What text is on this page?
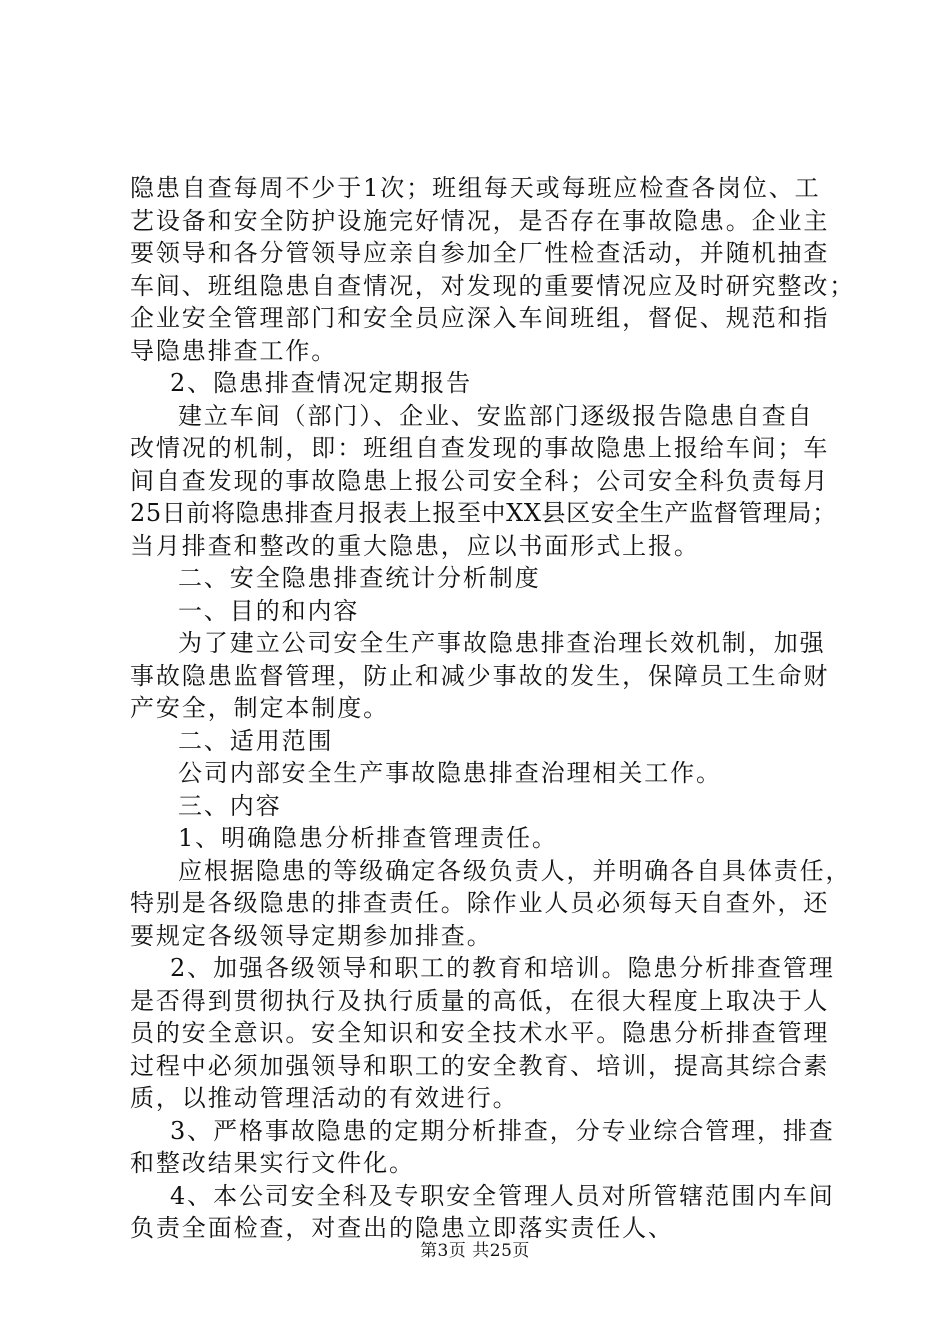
隐患自查每周不少于1次；班组每天或每班应检查各岗位、工
艺设备和安全防护设施完好情况，是否存在事故隐患。企业主
要领导和各分管领导应亲自参加全厂性检查活动，并随机抽查
车间、班组隐患自查情况，对发现的重要情况应及时研究整改；
企业安全管理部门和安全员应深入车间班组，督促、规范和指
导隐患排查工作。
2、隐患排查情况定期报告
建立车间（部门）、企业、安监部门逐级报告隐患自查自
改情况的机制，即：班组自查发现的事故隐患上报给车间；车
间自查发现的事故隐患上报公司安全科；公司安全科负责每月
25日前将隐患排查月报表上报至中XX县区安全生产监督管理局；
当月排查和整改的重大隐患，应以书面形式上报。
二、安全隐患排查统计分析制度
一、目的和内容
为了建立公司安全生产事故隐患排查治理长效机制，加强
事故隐患监督管理，防止和减少事故的发生，保障员工生命财
产安全，制定本制度。
二、适用范围
公司内部安全生产事故隐患排查治理相关工作。
三、内容
1、明确隐患分析排查管理责任。
应根据隐患的等级确定各级负责人，并明确各自具体责任，
特别是各级隐患的排查责任。除作业人员必须每天自查外，还
要规定各级领导定期参加排查。
2、加强各级领导和职工的教育和培训。隐患分析排查管理
是否得到贯彻执行及执行质量的高低，在很大程度上取决于人
员的安全意识。安全知识和安全技术水平。隐患分析排查管理
过程中必须加强领导和职工的安全教育、培训，提高其综合素
质，以推动管理活动的有效进行。
3、严格事故隐患的定期分析排查，分专业综合管理，排查
和整改结果实行文件化。
4、本公司安全科及专职安全管理人员对所管辖范围内车间
负责全面检查，对查出的隐患立即落实责任人、
第3页 共25页
